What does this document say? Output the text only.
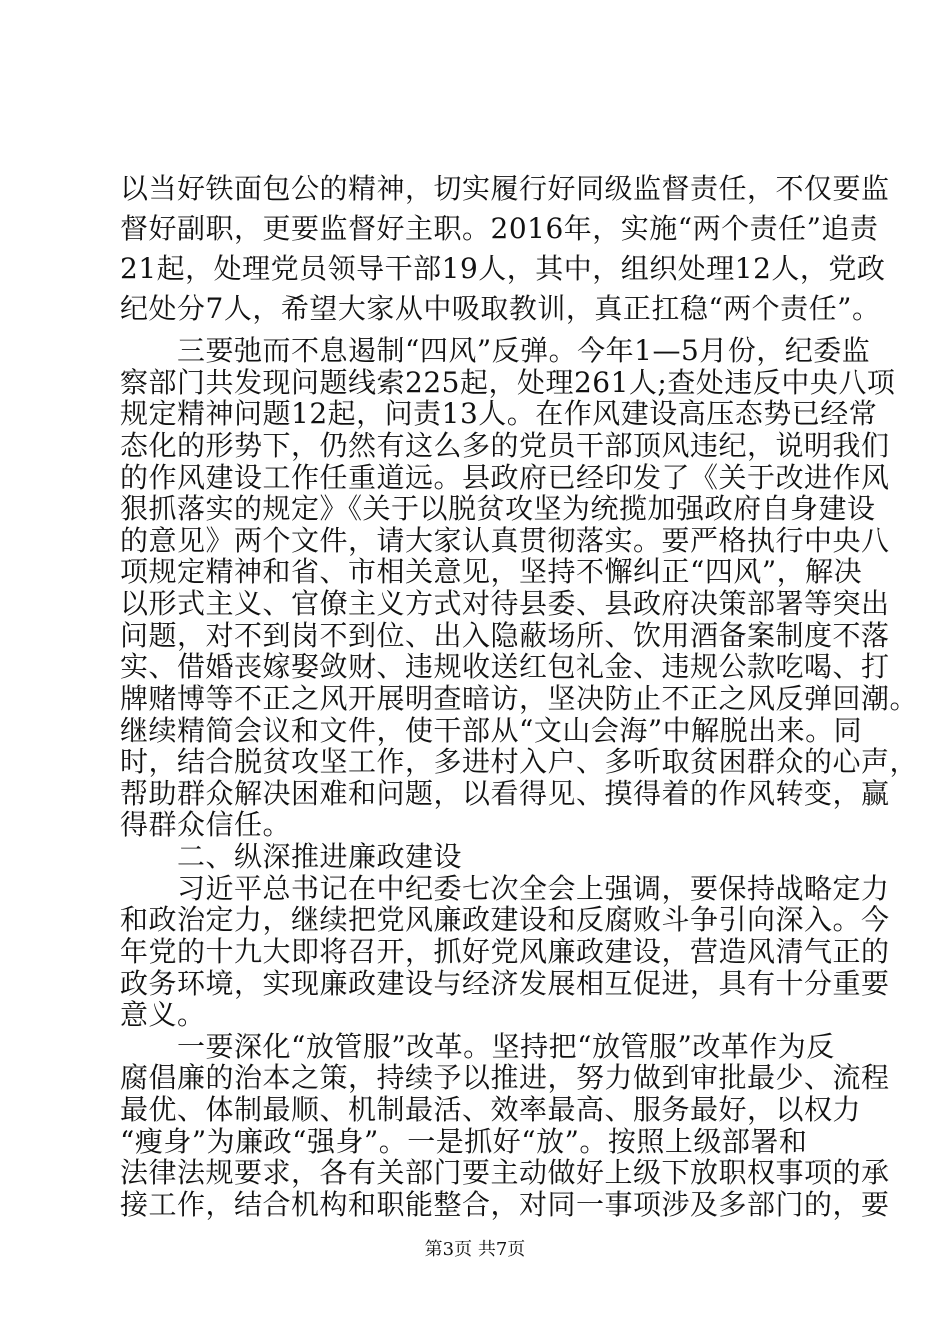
以当好铁面包公的精神，切实履行好同级监督责任，不仅要监
督好副职，更要监督好主职。2016年，实施“两个责任”追责
21起，处理党员领导干部19人，其中，组织处理12人，党政
纪处分7人，希望大家从中吸取教训，真正扛稳“两个责任”。
　　三要弛而不息遏制“四风”反弹。今年1—5月份，纪委监
察部门共发现问题线索225起，处理261人;查处违反中央八项
规定精神问题12起，问责13人。在作风建设高压态势已经常
态化的形势下，仍然有这么多的党员干部顶风违纪，说明我们
的作风建设工作任重道远。县政府已经印发了《关于改进作风
狠抓落实的规定》《关于以脱贫攻坚为统揽加强政府自身建设
的意见》两个文件，请大家认真贯彻落实。要严格执行中央八
项规定精神和省、市相关意见，坚持不懈纠正“四风”，解决
以形式主义、官僚主义方式对待县委、县政府决策部署等突出
问题，对不到岗不到位、出入隐蔽场所、饮用酒备案制度不落
实、借婚丧嫁娶敛财、违规收送红包礼金、违规公款吃喝、打
牌赌博等不正之风开展明查暗访，坚决防止不正之风反弹回潮。
继续精简会议和文件，使干部从“文山会海”中解脱出来。同
时，结合脱贫攻坚工作，多进村入户、多听取贫困群众的心声，
帮助群众解决困难和问题，以看得见、摸得着的作风转变，赢
得群众信任。
　　二、纵深推进廉政建设
　　习近平总书记在中纪委七次全会上强调，要保持战略定力
和政治定力，继续把党风廉政建设和反腐败斗争引向深入。今
年党的十九大即将召开，抓好党风廉政建设，营造风清气正的
政务环境，实现廉政建设与经济发展相互促进，具有十分重要
意义。
　　一要深化“放管服”改革。坚持把“放管服”改革作为反
腐倡廉的治本之策，持续予以推进，努力做到审批最少、流程
最优、体制最顺、机制最活、效率最高、服务最好，以权力
“瘦身”为廉政“强身”。一是抓好“放”。按照上级部署和
法律法规要求，各有关部门要主动做好上级下放职权事项的承
接工作，结合机构和职能整合，对同一事项涉及多部门的，要
第3页 共7页
